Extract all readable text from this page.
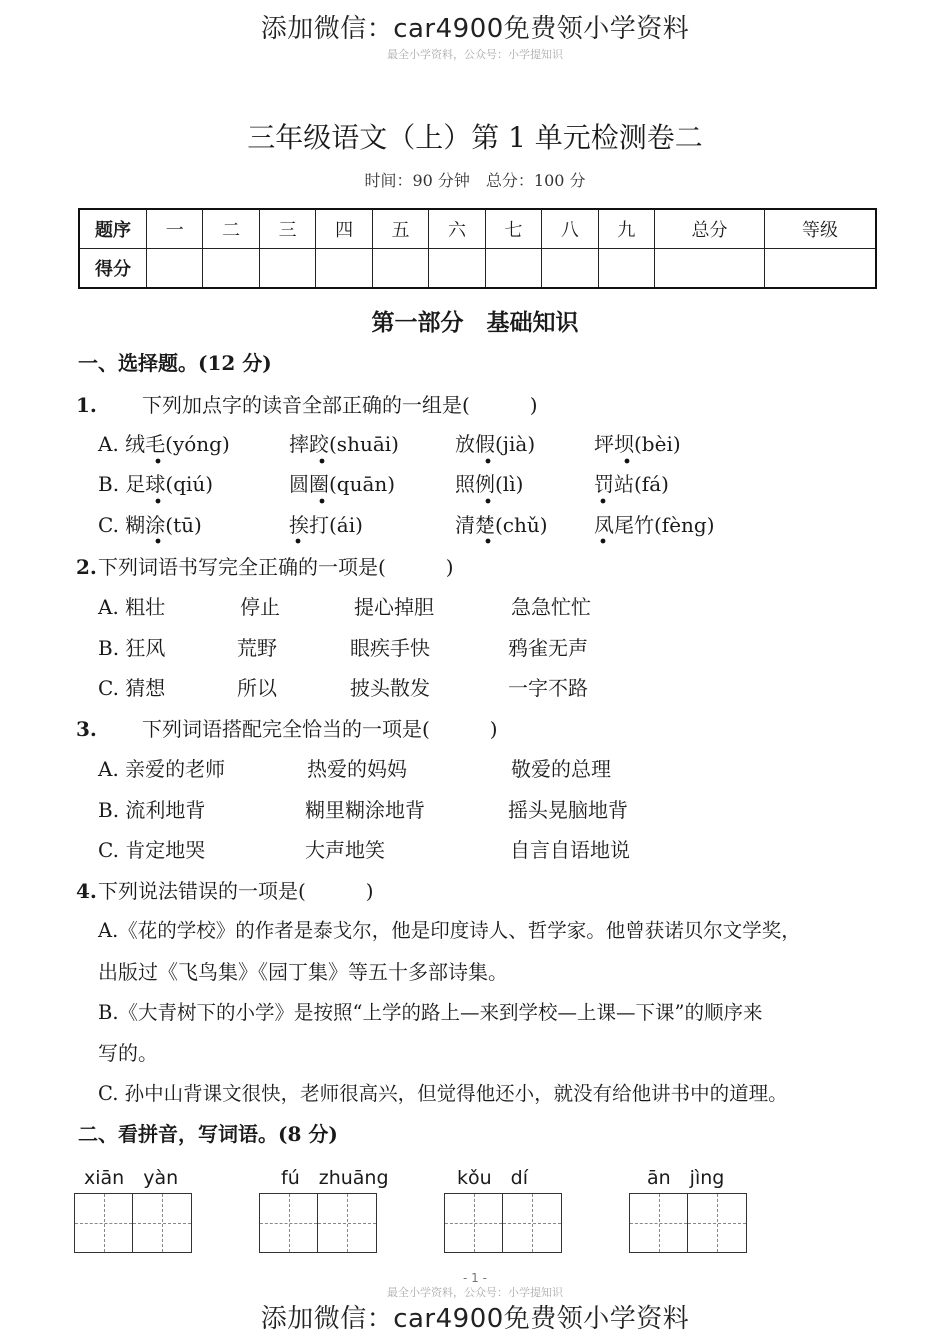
添加微信：car4900免费领小学资料
最全小学资料，公众号：小学提知识
三年级语文（上）第 1 单元检测卷二
时间：90 分钟　总分：100 分
题序	一	二	三	四	五	六	七	八	九	总分	等级
得分											
第一部分　基础知识
一、选择题。(12 分)
1. 下列加点字的读音全部正确的一组是(　　　)
A. 绒毛(yóng)	摔跤(shuāi)	放假(jià)	坪坝(bèi)
B. 足球(qiú)	圆圈(quān)	照例(lì)	罚站(fá)
C. 糊涂(tū)	挨打(ái)	清楚(chǔ) 凤尾竹(fèng)
2.下列词语书写完全正确的一项是(　　　)
A. 粗壮	停止	提心掉胆	急急忙忙
B. 狂风	荒野	眼疾手快	鸦雀无声
C. 猜想	所以	披头散发	一字不路
3. 下列词语搭配完全恰当的一项是(　　　)
A. 亲爱的老师	热爱的妈妈	敬爱的总理
B. 流利地背	糊里糊涂地背	摇头晃脑地背
C. 肯定地哭	大声地笑	自言自语地说
4.下列说法错误的一项是(　　　)
A.《花的学校》的作者是泰戈尔，他是印度诗人、哲学家。他曾获诺贝尔文学奖，
出版过《飞鸟集》《园丁集》等五十多部诗集。
B.《大青树下的小学》是按照“上学的路上—来到学校—上课—下课”的顺序来
写的。
C. 孙中山背课文很快，老师很高兴，但觉得他还小，就没有给他讲书中的道理。
二、看拼音，写词语。(8 分)
xiān　yàn	fú　zhuāng	kǒu　dí	ān　jìng
- 1 -
最全小学资料，公众号：小学提知识
添加微信：car4900免费领小学资料
